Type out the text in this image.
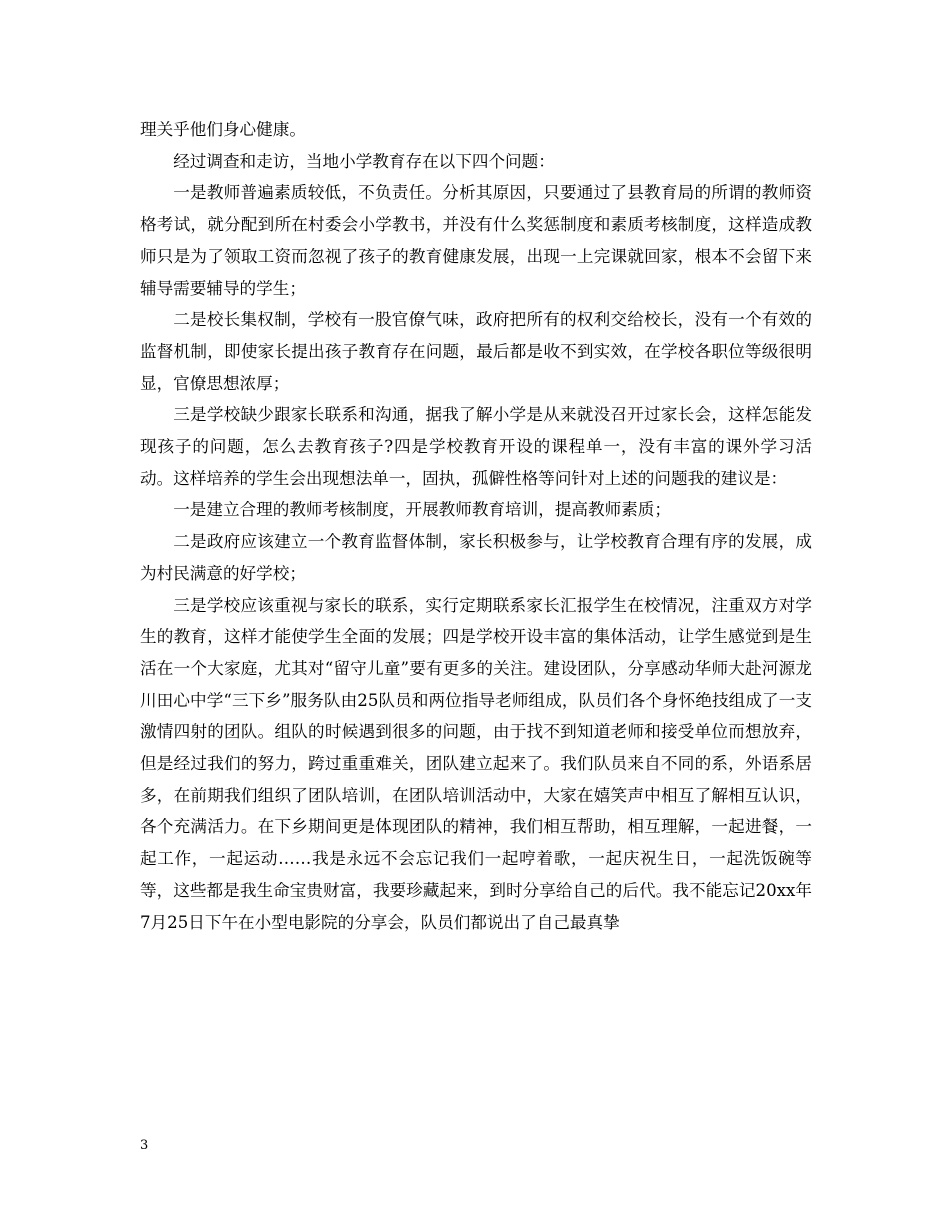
理关乎他们身心健康。

经过调查和走访，当地小学教育存在以下四个问题：

一是教师普遍素质较低，不负责任。分析其原因，只要通过了县教育局的所谓的教师资格考试，就分配到所在村委会小学教书，并没有什么奖惩制度和素质考核制度，这样造成教师只是为了领取工资而忽视了孩子的教育健康发展，出现一上完课就回家，根本不会留下来辅导需要辅导的学生；

二是校长集权制，学校有一股官僚气味，政府把所有的权利交给校长，没有一个有效的监督机制，即使家长提出孩子教育存在问题，最后都是收不到实效，在学校各职位等级很明显，官僚思想浓厚；

三是学校缺少跟家长联系和沟通，据我了解小学是从来就没召开过家长会，这样怎能发现孩子的问题，怎么去教育孩子?四是学校教育开设的课程单一，没有丰富的课外学习活动。这样培养的学生会出现想法单一，固执，孤僻性格等问针对上述的问题我的建议是：

一是建立合理的教师考核制度，开展教师教育培训，提高教师素质；

二是政府应该建立一个教育监督体制，家长积极参与，让学校教育合理有序的发展，成为村民满意的好学校；

三是学校应该重视与家长的联系，实行定期联系家长汇报学生在校情况，注重双方对学生的教育，这样才能使学生全面的发展；四是学校开设丰富的集体活动，让学生感觉到是生活在一个大家庭，尤其对“留守儿童”要有更多的关注。建设团队，分享感动华师大赴河源龙川田心中学“三下乡”服务队由25队员和两位指导老师组成，队员们各个身怀绝技组成了一支激情四射的团队。组队的时候遇到很多的问题，由于找不到知道老师和接受单位而想放弃，但是经过我们的努力，跨过重重难关，团队建立起来了。我们队员来自不同的系，外语系居多，在前期我们组织了团队培训，在团队培训活动中，大家在嬉笑声中相互了解相互认识，各个充满活力。在下乡期间更是体现团队的精神，我们相互帮助，相互理解，一起进餐，一起工作，一起运动……我是永远不会忘记我们一起哼着歌，一起庆祝生日，一起洗饭碗等等，这些都是我生命宝贵财富，我要珍藏起来，到时分享给自己的后代。我不能忘记20xx年7月25日下午在小型电影院的分享会，队员们都说出了自己最真挚

3
